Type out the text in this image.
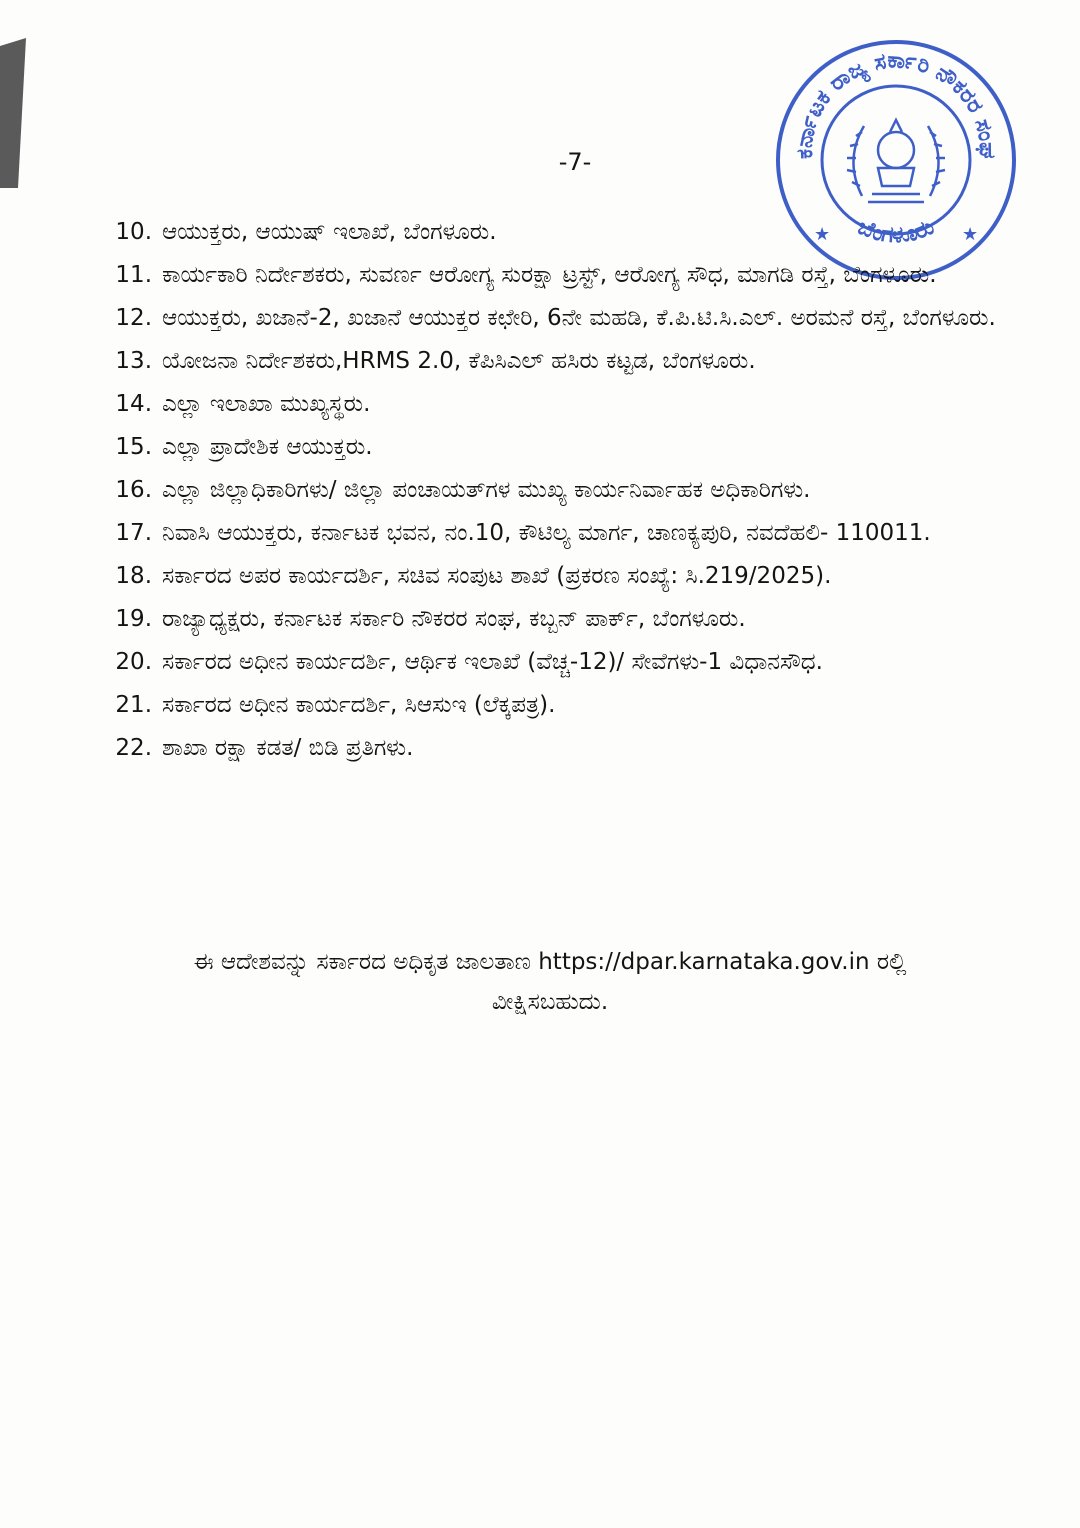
ಕರ್ನಾಟಕ ರಾಜ್ಯ ಸರ್ಕಾರಿ ನೌಕರರ ಸಂಘ
ಬೆಂಗಳೂರು
★	★
-7-
10. ಆಯುಕ್ತರು, ಆಯುಷ್ ಇಲಾಖೆ, ಬೆಂಗಳೂರು.
11. ಕಾರ್ಯಕಾರಿ ನಿರ್ದೇಶಕರು, ಸುವರ್ಣ ಆರೋಗ್ಯ ಸುರಕ್ಷಾ ಟ್ರಸ್ಟ್, ಆರೋಗ್ಯ ಸೌಧ, ಮಾಗಡಿ ರಸ್ತೆ, ಬೆಂಗಳೂರು.
12. ಆಯುಕ್ತರು, ಖಜಾನೆ-2, ಖಜಾನೆ ಆಯುಕ್ತರ ಕಛೇರಿ, 6ನೇ ಮಹಡಿ, ಕೆ.ಪಿ.ಟಿ.ಸಿ.ಎಲ್. ಅರಮನೆ ರಸ್ತೆ, ಬೆಂಗಳೂರು.
13. ಯೋಜನಾ ನಿರ್ದೇಶಕರು,HRMS 2.0, ಕೆಪಿಸಿಎಲ್ ಹಸಿರು ಕಟ್ಟಡ, ಬೆಂಗಳೂರು.
14. ಎಲ್ಲಾ ಇಲಾಖಾ ಮುಖ್ಯಸ್ಥರು.
15. ಎಲ್ಲಾ ಪ್ರಾದೇಶಿಕ ಆಯುಕ್ತರು.
16. ಎಲ್ಲಾ ಜಿಲ್ಲಾಧಿಕಾರಿಗಳು/ ಜಿಲ್ಲಾ ಪಂಚಾಯತ್‌ಗಳ ಮುಖ್ಯ ಕಾರ್ಯನಿರ್ವಾಹಕ ಅಧಿಕಾರಿಗಳು.
17. ನಿವಾಸಿ ಆಯುಕ್ತರು, ಕರ್ನಾಟಕ ಭವನ, ನಂ.10, ಕೌಟಿಲ್ಯ ಮಾರ್ಗ, ಚಾಣಕ್ಯಪುರಿ, ನವದೆಹಲಿ- 110011.
18. ಸರ್ಕಾರದ ಅಪರ ಕಾರ್ಯದರ್ಶಿ, ಸಚಿವ ಸಂಪುಟ ಶಾಖೆ (ಪ್ರಕರಣ ಸಂಖ್ಯೆ: ಸಿ.219/2025).
19. ರಾಜ್ಯಾಧ್ಯಕ್ಷರು, ಕರ್ನಾಟಕ ಸರ್ಕಾರಿ ನೌಕರರ ಸಂಘ, ಕಬ್ಬನ್ ಪಾರ್ಕ್, ಬೆಂಗಳೂರು.
20. ಸರ್ಕಾರದ ಅಧೀನ ಕಾರ್ಯದರ್ಶಿ, ಆರ್ಥಿಕ ಇಲಾಖೆ (ವೆಚ್ಚ-12)/ ಸೇವೆಗಳು-1 ವಿಧಾನಸೌಧ.
21. ಸರ್ಕಾರದ ಅಧೀನ ಕಾರ್ಯದರ್ಶಿ, ಸಿಆಸುಇ (ಲೆಕ್ಕಪತ್ರ).
22. ಶಾಖಾ ರಕ್ಷಾ ಕಡತ/ ಬಿಡಿ ಪ್ರತಿಗಳು.
ಈ ಆದೇಶವನ್ನು ಸರ್ಕಾರದ ಅಧಿಕೃತ ಜಾಲತಾಣ https://dpar.karnataka.gov.in ರಲ್ಲಿ ವೀಕ್ಷಿಸಬಹುದು.
